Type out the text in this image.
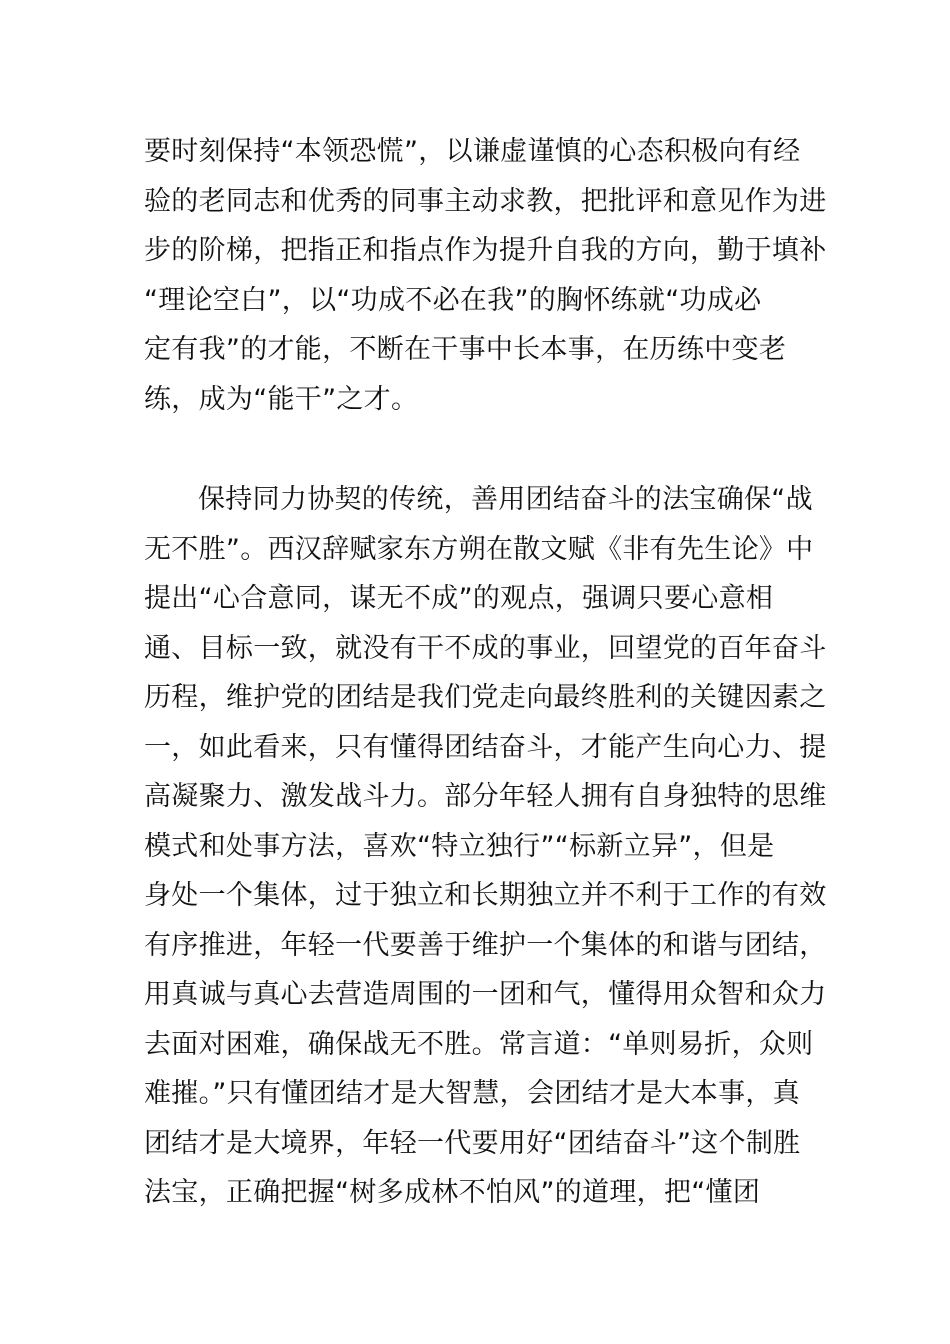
要时刻保持“本领恐慌”，以谦虚谨慎的心态积极向有经
验的老同志和优秀的同事主动求教，把批评和意见作为进
步的阶梯，把指正和指点作为提升自我的方向，勤于填补
“理论空白”，以“功成不必在我”的胸怀练就“功成必
定有我”的才能，不断在干事中长本事，在历练中变老
练，成为“能干”之才。
保持同力协契的传统，善用团结奋斗的法宝确保“战
无不胜”。西汉辞赋家东方朔在散文赋《非有先生论》中
提出“心合意同，谋无不成”的观点，强调只要心意相
通、目标一致，就没有干不成的事业，回望党的百年奋斗
历程，维护党的团结是我们党走向最终胜利的关键因素之
一，如此看来，只有懂得团结奋斗，才能产生向心力、提
高凝聚力、激发战斗力。部分年轻人拥有自身独特的思维
模式和处事方法，喜欢“特立独行”“标新立异”，但是
身处一个集体，过于独立和长期独立并不利于工作的有效
有序推进，年轻一代要善于维护一个集体的和谐与团结，
用真诚与真心去营造周围的一团和气，懂得用众智和众力
去面对困难，确保战无不胜。常言道：“单则易折，众则
难摧。”只有懂团结才是大智慧，会团结才是大本事，真
团结才是大境界，年轻一代要用好“团结奋斗”这个制胜
法宝，正确把握“树多成林不怕风”的道理，把“懂团
